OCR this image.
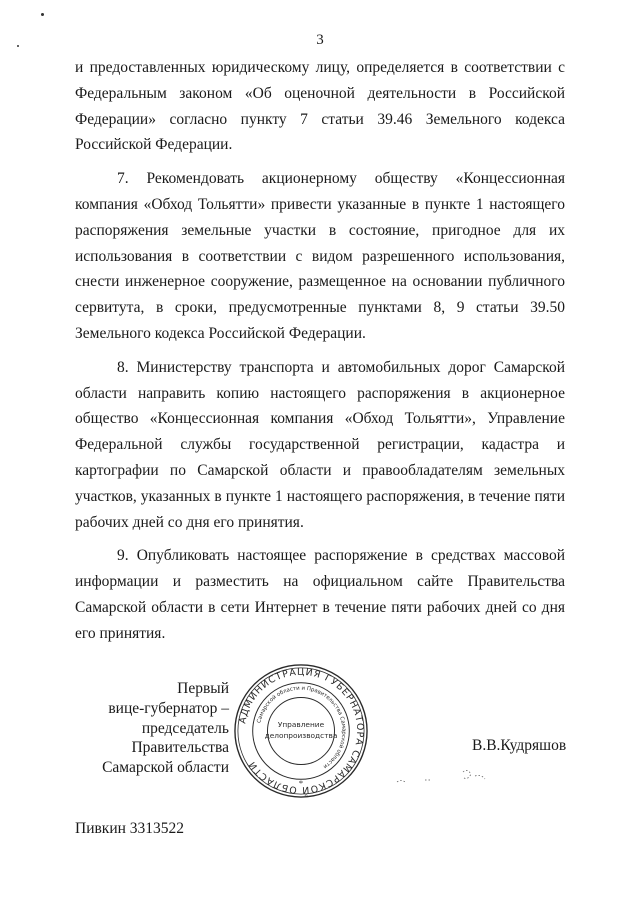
3

и предоставленных юридическому лицу, определяется в соответствии с Федеральным законом «Об оценочной деятельности в Российской Федерации» согласно пункту 7 статьи 39.46 Земельного кодекса Российской Федерации.

7. Рекомендовать акционерному обществу «Концессионная компания «Обход Тольятти» привести указанные в пункте 1 настоящего распоряжения земельные участки в состояние, пригодное для их использования в соответствии с видом разрешенного использования, снести инженерное сооружение, размещенное на основании публичного сервитута, в сроки, предусмотренные пунктами 8, 9 статьи 39.50 Земельного кодекса Российской Федерации.

8. Министерству транспорта и автомобильных дорог Самарской области направить копию настоящего распоряжения в акционерное общество «Концессионная компания «Обход Тольятти», Управление Федеральной службы государственной регистрации, кадастра и картографии по Самарской области и правообладателям земельных участков, указанных в пункте 1 настоящего распоряжения, в течение пяти рабочих дней со дня его принятия.

9. Опубликовать настоящее распоряжение в средствах массовой информации и разместить на официальном сайте Правительства Самарской области в сети Интернет в течение пяти рабочих дней со дня его принятия.

Первый
вице-губернатор –
председатель Правительства
Самарской области
АДМИНИСТРАЦИЯ ГУБЕРНАТОРА САМАРСКОЙ ОБЛАСТИ
Самарской области и Правительства Самарской области
Управление
делопроизводства
*
В.В.Кудряшов
Пивкин 3313522
